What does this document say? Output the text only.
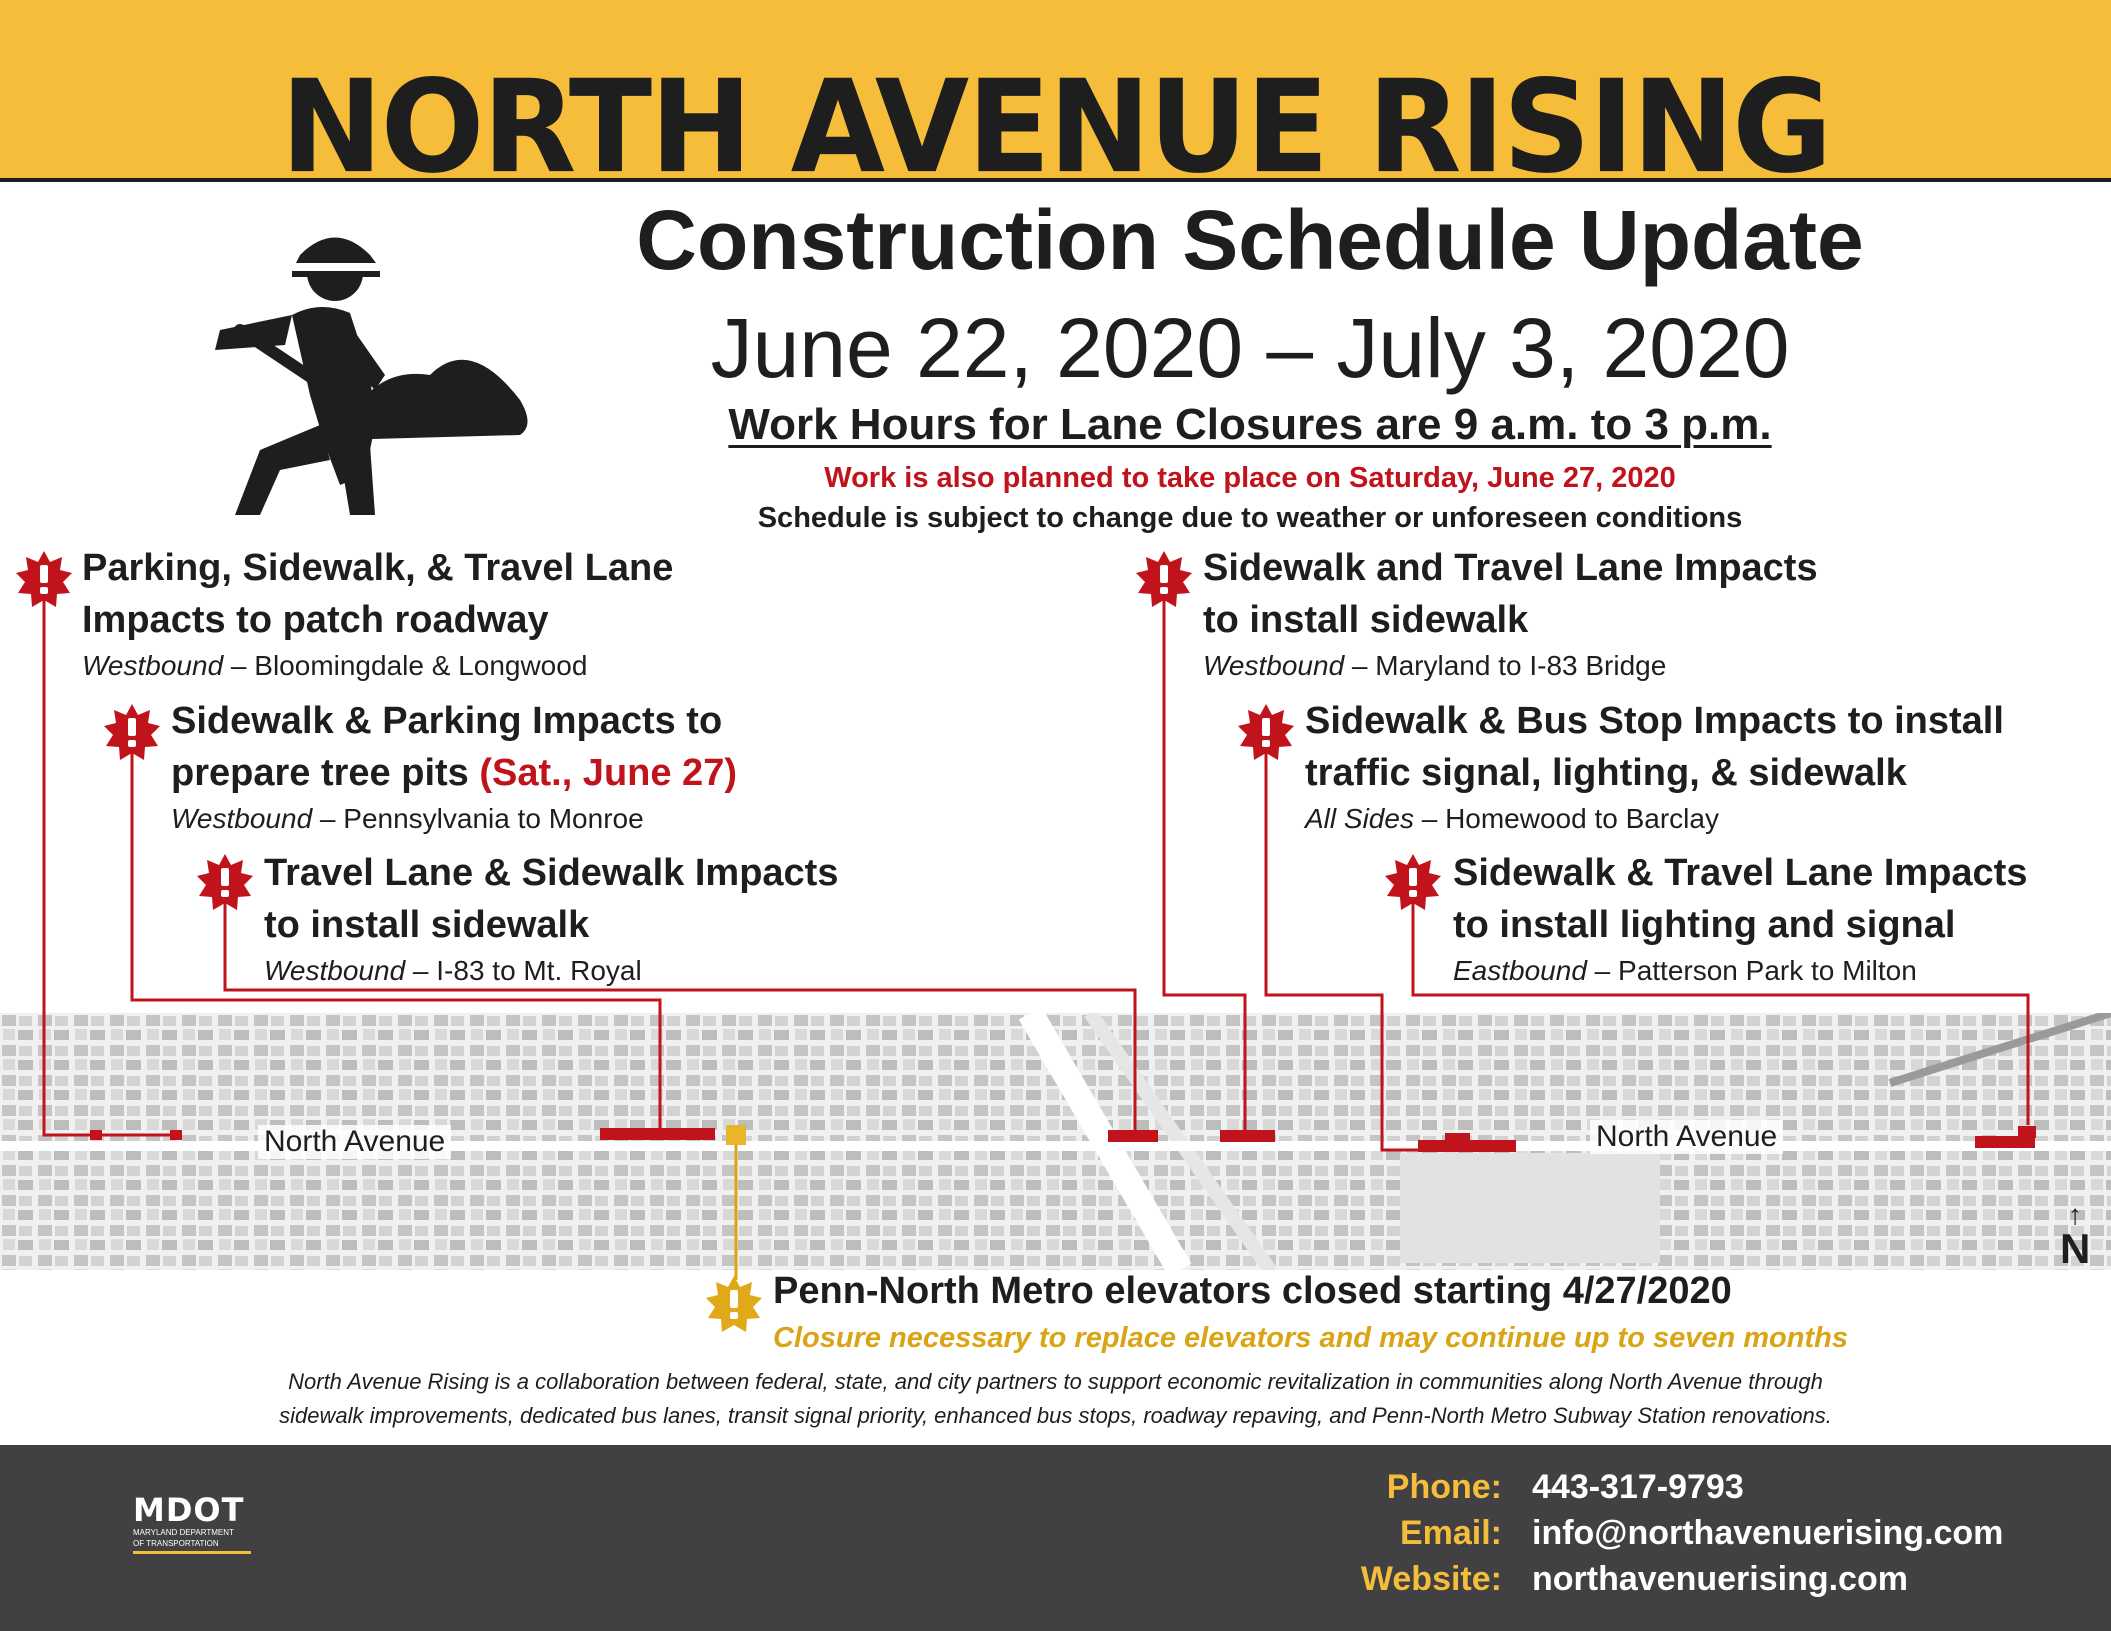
NORTH AVENUE RISING
Construction Schedule Update
June 22, 2020 – July 3, 2020
Work Hours for Lane Closures are 9 a.m. to 3 p.m.
Work is also planned to take place on Saturday, June 27, 2020
Schedule is subject to change due to weather or unforeseen conditions
North Avenue	North Avenue
↑
N
Parking, Sidewalk, & Travel Lane
Impacts to patch roadway
Westbound – Bloomingdale & Longwood
Sidewalk & Parking Impacts to
prepare tree pits (Sat., June 27)
Westbound – Pennsylvania to Monroe
Travel Lane & Sidewalk Impacts
to install sidewalk
Westbound – I-83 to Mt. Royal
Sidewalk and Travel Lane Impacts
to install sidewalk
Westbound – Maryland to I-83 Bridge
Sidewalk & Bus Stop Impacts to install
traffic signal, lighting, & sidewalk
All Sides – Homewood to Barclay
Sidewalk & Travel Lane Impacts
to install lighting and signal
Eastbound – Patterson Park to Milton
Penn-North Metro elevators closed starting 4/27/2020
Closure necessary to replace elevators and may continue up to seven months
North Avenue Rising is a collaboration between federal, state, and city partners to support economic revitalization in communities along North Avenue through
sidewalk improvements, dedicated bus lanes, transit signal priority, enhanced bus stops, roadway repaving, and Penn-North Metro Subway Station renovations.
MDOT
MARYLAND DEPARTMENT
OF TRANSPORTATION
Phone: 443-317-9793
Email: info@northavenuerising.com
Website: northavenuerising.com
